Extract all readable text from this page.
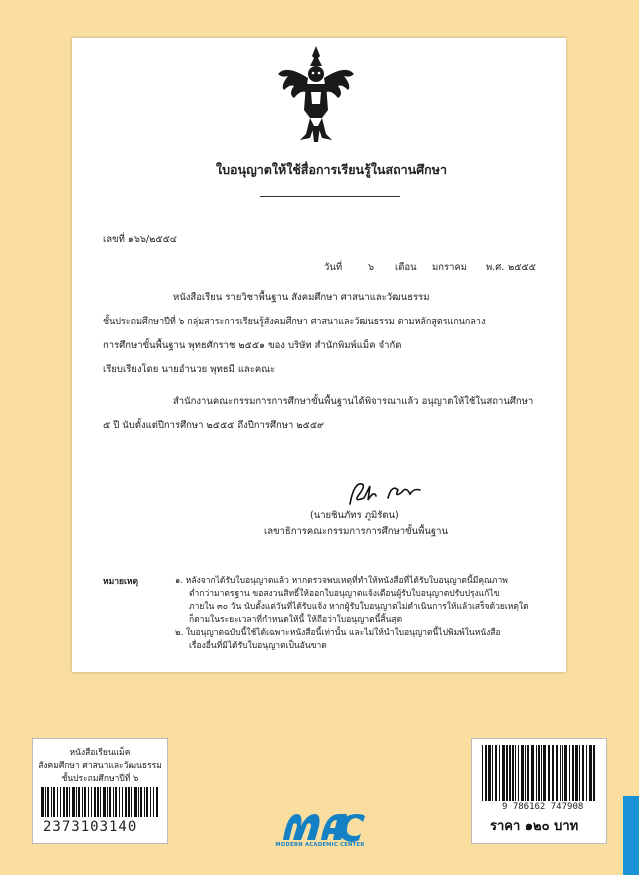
ใบอนุญาตให้ใช้สื่อการเรียนรู้ในสถานศึกษา
เลขที่ ๑๖๖/๒๕๕๔
วันที่	๖ เดือน มกราคม พ.ศ. ๒๕๕๕
หนังสือเรียน รายวิชาพื้นฐาน สังคมศึกษา ศาสนาและวัฒนธรรม
ชั้นประถมศึกษาปีที่ ๖ กลุ่มสาระการเรียนรู้สังคมศึกษา ศาสนาและวัฒนธรรม ตามหลักสูตรแกนกลาง
การศึกษาขั้นพื้นฐาน พุทธศักราช ๒๕๕๑ ของ บริษัท สำนักพิมพ์แม็ค จำกัด
เรียบเรียงโดย นายอำนวย พุทธมี และคณะ
สำนักงานคณะกรรมการการศึกษาขั้นพื้นฐานได้พิจารณาแล้ว อนุญาตให้ใช้ในสถานศึกษา
๕ ปี นับตั้งแต่ปีการศึกษา ๒๕๕๕ ถึงปีการศึกษา ๒๕๕๙
(นายชินภัทร ภูมิรัตน)
เลขาธิการคณะกรรมการการศึกษาขั้นพื้นฐาน
หมายเหตุ	๑. หลังจากได้รับใบอนุญาตแล้ว หากตรวจพบเหตุที่ทำให้หนังสือที่ได้รับใบอนุญาตนี้มีคุณภาพ
ต่ำกว่ามาตรฐาน ขอสงวนสิทธิ์ให้ออกใบอนุญาตแจ้งเตือนผู้รับใบอนุญาตปรับปรุงแก้ไข
ภายใน ๓๐ วัน นับตั้งแต่วันที่ได้รับแจ้ง หากผู้รับใบอนุญาตไม่ดำเนินการให้แล้วเสร็จด้วยเหตุใด
ก็ตามในระยะเวลาที่กำหนดให้นี้ ให้ถือว่าใบอนุญาตนี้สิ้นสุด
๒. ใบอนุญาตฉบับนี้ใช้ได้เฉพาะหนังสือนี้เท่านั้น และไม่ให้นำใบอนุญาตนี้ไปพิมพ์ในหนังสือ
เรื่องอื่นที่มิได้รับใบอนุญาตเป็นอันขาด
หนังสือเรียนแม็ค
สังคมศึกษา ศาสนาและวัฒนธรรม
ชั้นประถมศึกษาปีที่ ๖
2373103140
9 786162 747908
ราคา ๑๒๐ บาท
MODERN ACADEMIC CENTER
